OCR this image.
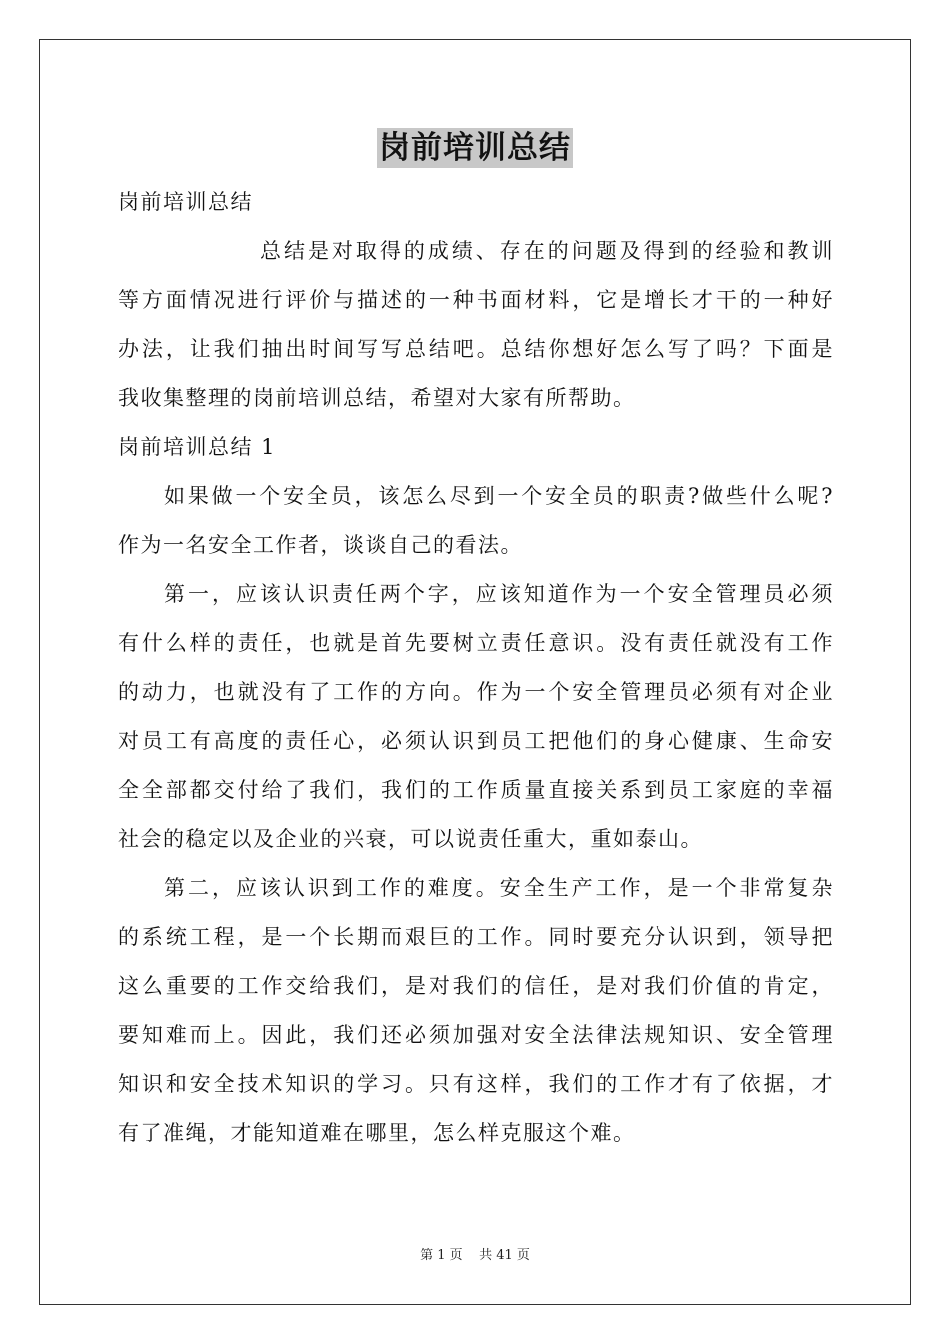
岗前培训总结
岗前培训总结
总结是对取得的成绩、存在的问题及得到的经验和教训
等方面情况进行评价与描述的一种书面材料，它是增长才干的一种好
办法，让我们抽出时间写写总结吧。总结你想好怎么写了吗？下面是
我收集整理的岗前培训总结，希望对大家有所帮助。
岗前培训总结 1
如果做一个安全员，该怎么尽到一个安全员的职责?做些什么呢?
作为一名安全工作者，谈谈自己的看法。
第一，应该认识责任两个字，应该知道作为一个安全管理员必须
有什么样的责任，也就是首先要树立责任意识。没有责任就没有工作
的动力，也就没有了工作的方向。作为一个安全管理员必须有对企业
对员工有高度的责任心，必须认识到员工把他们的身心健康、生命安
全全部都交付给了我们，我们的工作质量直接关系到员工家庭的幸福
社会的稳定以及企业的兴衰，可以说责任重大，重如泰山。
第二，应该认识到工作的难度。安全生产工作，是一个非常复杂
的系统工程，是一个长期而艰巨的工作。同时要充分认识到，领导把
这么重要的工作交给我们，是对我们的信任，是对我们价值的肯定，
要知难而上。因此，我们还必须加强对安全法律法规知识、安全管理
知识和安全技术知识的学习。只有这样，我们的工作才有了依据，才
有了准绳，才能知道难在哪里，怎么样克服这个难。
第 1 页    共 41 页
